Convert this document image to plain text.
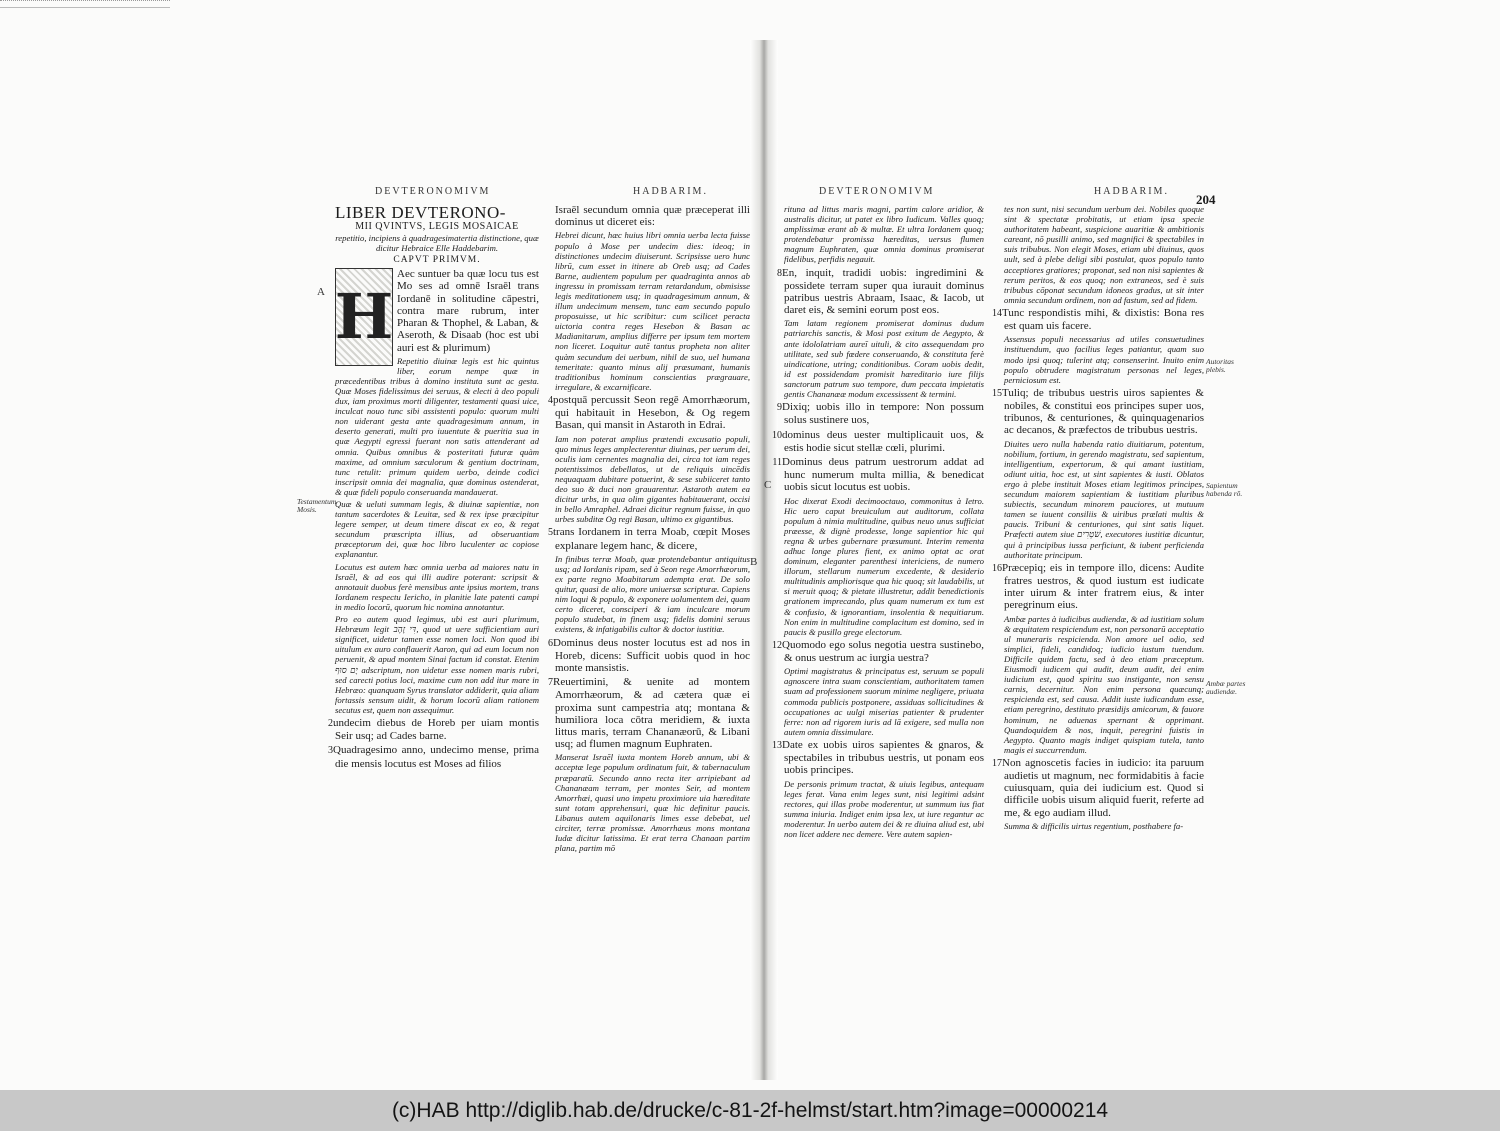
DEVTERONOMIVM	HADBARIM.
A
Testamentum Mosis.
LIBER DEVTERONO-
MII QVINTVS, LEGIS MOSAICAE
repetitio, incipiens à quadragesimatertia distinctione, quæ dicitur Hebraice Elle Haddebarim.
CAPVT PRIMVM.
H

Aec suntuer ba quæ locu tus est Mo ses ad omnē Israēl trans Iordanē in solitudine cāpestri, contra mare rubrum, inter Pharan & Thophel, & Laban, & Aseroth, & Disaab (hoc est ubi auri est & plurimum)

Repetitio diuinæ legis est hic quintus liber, eorum nempe quæ in præcedentibus tribus à domino instituta sunt ac gesta. Quæ Moses fidelissimus dei seruus, & electi à deo populi dux, iam proximus morti diligenter, testamenti quasi uice, inculcat nouo tunc sibi assistenti populo: quorum multi non uiderant gesta ante quadragesimum annum, in deserto generati, multi pro iuuentute & pueritia sua in quæ Aegypti egressi fuerant non satis attenderant ad omnia. Quibus omnibus & posteritati futuræ quàm maxime, ad omnium sæculorum & gentium doctrinam, tunc retulit: primum quidem uerbo, deinde codici inscripsit omnia dei magnalia, quæ dominus ostenderat, & quæ fideli populo conseruanda mandauerat.

Quæ & ueluti summam legis, & diuinæ sapientiæ, non tantum sacerdotes & Leuitæ, sed & rex ipse præcipitur legere semper, ut deum timere discat ex eo, & regat secundum præscripta illius, ad obseruantiam præceptorum dei, quæ hoc libro luculenter ac copiose explanantur.

Locutus est autem hæc omnia uerba ad maiores natu in Israēl, & ad eos qui illi audire poterant: scripsit & annotauit duobus ferè mensibus ante ipsius mortem, trans Iordanem respectu Iericho, in planitie late patenti campi in medio locorū, quorum hic nomina annotantur.

Pro eo autem quod legimus, ubi est auri plurimum, Hebræum legit דִּי זָהָב, quod ut uere sufficientiam auri significet, uidetur tamen esse nomen loci. Non quod ibi uitulum ex auro conflauerit Aaron, qui ad eum locum non peruenit, & apud montem Sinai factum id constat. Etenim יָם סוּף adscriptum, non uidetur esse nomen maris rubri, sed carecti potius loci, maxime cum non add itur mare in Hebræo: quanquam Syrus translator addiderit, quia aliam fortassis sensum uidit, & horum locorū aliam rationem secutus est, quem non assequimur.

2undecim diebus de Horeb per uiam montis Seir usq; ad Cades barne.

3Quadragesimo anno, undecimo mense, prima die mensis locutus est Moses ad filios

Israēl secundum omnia quæ præceperat illi dominus ut diceret eis:

Hebrei dicunt, hæc huius libri omnia uerba lecta fuisse populo à Mose per undecim dies: ideoq; in distinctiones undecim diuiserunt. Scripsisse uero hunc librū, cum esset in itinere ab Oreb usq; ad Cades Barne, audientem populum per quadraginta annos ab ingressu in promissam terram retardandum, obmisisse legis meditationem usq; in quadragesimum annum, & illum undecimum mensem, tunc eam secundo populo proposuisse, ut hic scribitur: cum scilicet peracta uictoria contra reges Hesebon & Basan ac Madianitarum, amplius differre per ipsum tem mortem non liceret. Loquitur autē tantus propheta non aliter quàm secundum dei uerbum, nihil de suo, uel humana temeritate: quanto minus alij præsumant, humanis traditionibus hominum conscientias prægrauare, irregulare, & excarnificare.

4postquā percussit Seon regē Amorrhæorum, qui habitauit in Hesebon, & Og regem Basan, qui mansit in Astaroth in Edrai.

Iam non poterat amplius prætendi excusatio populi, quo minus leges amplecterentur diuinas, per uerum dei, oculis iam cernentes magnalia dei, circa tot iam reges potentissimos debellatos, ut de reliquis uincēdis nequaquam dubitare potuerint, & sese subiiceret tanto deo suo & duci non grauarentur. Astaroth autem ea dicitur urbs, in qua olim gigantes habitauerant, occisi in bello Amraphel. Adraei dicitur regnum fuisse, in quo urbes subditæ Og regi Basan, ultimo ex gigantibus.

5trans Iordanem in terra Moab, cœpit Moses explanare legem hanc, & dicere,

In finibus terræ Moab, quæ protendebantur antiquitus usq; ad Iordanis ripam, sed à Seon rege Amorrhæorum, ex parte regno Moabitarum adempta erat. De solo quitur, quasi de alio, more uniuersæ scripturæ. Capiens nim loqui & populo, & exponere uolumentem dei, quam certo diceret, consciperi & iam inculcare morum populo studebat, in finem usq; fidelis domini seruus existens, & infatigabilis cultor & doctor iustitiæ.

6Dominus deus noster locutus est ad nos in Horeb, dicens: Sufficit uobis quod in hoc monte mansistis.

7Reuertimini, & uenite ad montem Amorrhæorum, & ad cætera quæ ei proxima sunt campestria atq; montana & humiliora loca cōtra meridiem, & iuxta littus maris, terram Chananæorū, & Libani usq; ad flumen magnum Euphraten.

Manserat Israēl iuxta montem Horeb annum, ubi & acceptæ lege populum ordinatum fuit, & tabernaculum præparatū. Secundo anno recta iter arripiebant ad Chananæam terram, per montes Seir, ad montem Amorrhæi, quasi uno impetu proximiore uia hæreditate sunt totam apprehensuri, quæ hic definitur paucis. Libanus autem aquilonaris limes esse debebat, uel circiter, terræ promissæ. Amorrhæus mons montana Iudæ dicitur latissima. Et erat terra Chanaan partim plana, partim mō

DEVTERONOMIVM	HADBARIM.
204
C
B
Autoritas plebis.
Sapientum habenda rō.
Ambæ partes audiendæ.

rituna ad littus maris magni, partim calore aridior, & australis dicitur, ut patet ex libro Iudicum. Valles quoq; amplissimæ erant ab & multæ. Et ultra Iordanem quoq; protendebatur promissa hæreditas, uersus flumen magnum Euphraten, quæ omnia dominus promiserat fidelibus, perfidis negauit.

8En, inquit, tradidi uobis: ingredimini & possidete terram super qua iurauit dominus patribus uestris Abraam, Isaac, & Iacob, ut daret eis, & semini eorum post eos.

Tam latam regionem promiserat dominus dudum patriarchis sanctis, & Mosi post exitum de Aegypto, & ante idololatriam aureī uituli, & cito assequendam pro utilitate, sed sub fœdere conseruando, & constituta ferè uindicatione, utring; conditionibus. Coram uobis dedit, id est possidendam promisit hæreditario iure filijs sanctorum patrum suo tempore, dum peccata impietatis gentis Chananææ modum excessissent & termini.

9Dixiq; uobis illo in tempore: Non possum solus sustinere uos,

10dominus deus uester multiplicauit uos, & estis hodie sicut stellæ cœli, plurimi.

11Dominus deus patrum uestrorum addat ad hunc numerum multa millia, & benedicat uobis sicut locutus est uobis.

Hoc dixerat Exodi decimooctauo, commonitus à Ietro. Hic uero caput breuiculum aut auditorum, collata populum à nimia multitudine, quibus neuo unus sufficiat præesse, & dignè prodesse, longe sapientior hic qui regna & urbes gubernare præsumunt. Interim rementa adhuc longe plures fient, ex animo optat ac orat dominum, eleganter parenthesi intericiens, de numero illorum, stellarum numerum excedente, & desiderio multitudinis ampliorisque qua hic quoq; sit laudabilis, ut si meruit quoq; & pietate illustretur, addit benedictionis grationem imprecando, plus quam numerum ex tum est & confusio, & ignorantiam, insolentia & nequitiarum. Non enim in multitudine complacitum est domino, sed in paucis & pusillo grege electorum.

12Quomodo ego solus negotia uestra sustinebo, & onus uestrum ac iurgia uestra?

Optimi magistratus & principatus est, seruum se populi agnoscere intra suam conscientiam, authoritatem tamen suam ad professionem suorum minime negligere, priuata commoda publicis postponere, assiduas sollicitudines & occupationes ac uulgi miserias patienter & prudenter ferre: non ad rigorem iuris ad lā exigere, sed mulla non autem omnia dissimulare.

13Date ex uobis uiros sapientes & gnaros, & spectabiles in tribubus uestris, ut ponam eos uobis principes.

De personis primum tractat, & uiuis legibus, antequam leges ferat. Vana enim leges sunt, nisi legitimi adsint rectores, qui illas probe moderentur, ut summum ius fiat summa iniuria. Indiget enim ipsa lex, ut iure regantur ac moderentur. In uerbo autem dei & re diuina aliud est, ubi non licet addere nec demere. Vere autem sapien-

tes non sunt, nisi secundum uerbum dei. Nobiles quoque sint & spectatæ probitatis, ut etiam ipsa specie authoritatem habeant, suspicione auaritiæ & ambitionis careant, nō pusilli animo, sed magnifici & spectabiles in suis tribubus. Non elegit Moses, etiam ubi diuinus, quos uult, sed à plebe deligi sibi postulat, quos populo tanto acceptiores gratiores; proponat, sed non nisi sapientes & rerum peritos, & eos quoq; non extraneos, sed è suis tribubus cōponat secundum idoneos gradus, ut sit inter omnia secundum ordinem, non ad fastum, sed ad fidem.

14Tunc respondistis mihi, & dixistis: Bona res est quam uis facere.

Assensus populi necessarius ad utiles consuetudines instituendum, quo facilius leges patiantur, quam suo modo ipsi quoq; tulerint atq; consenserint. Inuito enim populo obtrudere magistratum personas nel leges, perniciosum est.

15Tuliq; de tribubus uestris uiros sapientes & nobiles, & constitui eos principes super uos, tribunos, & centuriones, & quinquagenarios ac decanos, & præfectos de tribubus uestris.

Diuites uero nulla habenda ratio diuitiarum, potentum, nobilium, fortium, in gerendo magistratu, sed sapientum, intelligentium, expertorum, & qui amant iustitiam, odiunt uitia, hoc est, ut sint sapientes & iusti. Oblatos ergo à plebe instituit Moses etiam legitimos principes, secundum maiorem sapientiam & iustitiam pluribus subiectis, secundum minorem pauciores, ut mutuum tamen se iuuent consiliis & uiribus prælati multis & paucis. Tribuni & centuriones, qui sint satis liquet. Præfecti autem siue שֹׁטְרִים, executores iustitiæ dicuntur, qui à principibus iussa perficiunt, & iubent perficienda authoritate principum.

16Præcepiq; eis in tempore illo, dicens: Audite fratres uestros, & quod iustum est iudicate inter uirum & inter fratrem eius, & inter peregrinum eius.

Ambæ partes à iudicibus audiendæ, & ad iustitiam solum & æquitatem respiciendum est, non personarū acceptatio ul muneraris respicienda. Non amore uel odio, sed simplici, fideli, candidoq; iudicio iustum tuendum. Difficile quidem factu, sed à deo etiam præceptum. Eiusmodi iudicem qui audit, deum audit, dei enim iudicium est, quod spiritu suo instigante, non sensu carnis, decernitur. Non enim persona quæcunq; respicienda est, sed causa. Addit iuste iudicandum esse, etiam peregrino, destituto præsidijs amicorum, & fauore hominum, ne aduenas spernant & opprimant. Quandoquidem & nos, inquit, peregrini fuistis in Aegypto. Quanto magis indiget quispiam tutela, tanto magis ei succurrendum.

17Non agnoscetis facies in iudicio: ita paruum audietis ut magnum, nec formidabitis à facie cuiusquam, quia dei iudicium est. Quod si difficile uobis uisum aliquid fuerit, referte ad me, & ego audiam illud.

Summa & difficilis uirtus regentium, posthabere fa-

(c)HAB http://diglib.hab.de/drucke/c-81-2f-helmst/start.htm?image=00000214
